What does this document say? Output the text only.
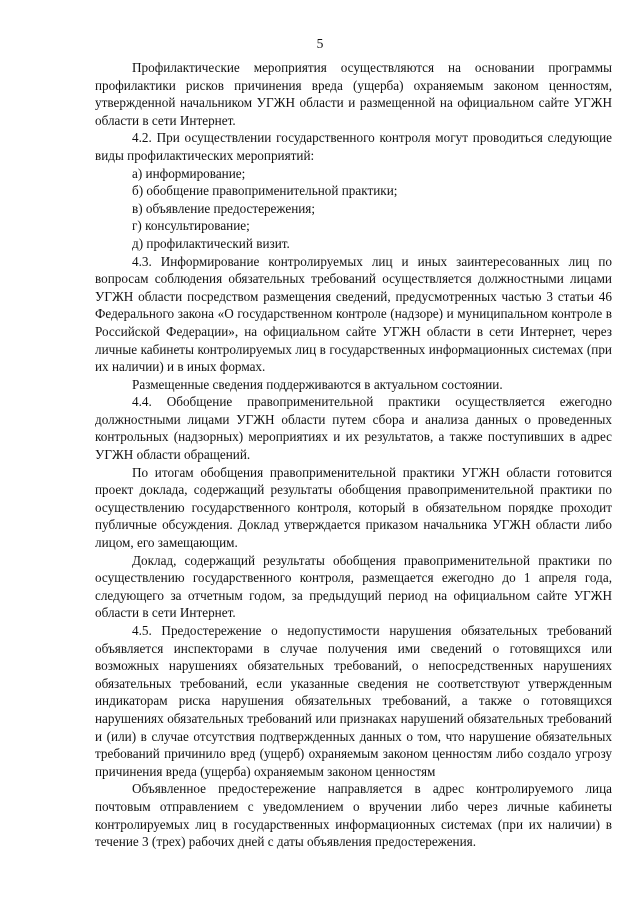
5

Профилактические мероприятия осуществляются на основании программы профилактики рисков причинения вреда (ущерба) охраняемым законом ценностям, утвержденной начальником УГЖН области и размещенной на официальном сайте УГЖН области в сети Интернет.

4.2. При осуществлении государственного контроля могут проводиться следующие виды профилактических мероприятий:

а) информирование;

б) обобщение правоприменительной практики;

в) объявление предостережения;

г) консультирование;

д) профилактический визит.

4.3. Информирование контролируемых лиц и иных заинтересованных лиц по вопросам соблюдения обязательных требований осуществляется должностными лицами УГЖН области посредством размещения сведений, предусмотренных частью 3 статьи 46 Федерального закона «О государственном контроле (надзоре) и муниципальном контроле в Российской Федерации», на официальном сайте УГЖН области в сети Интернет, через личные кабинеты контролируемых лиц в государственных информационных системах (при их наличии) и в иных формах.

Размещенные сведения поддерживаются в актуальном состоянии.

4.4. Обобщение правоприменительной практики осуществляется ежегодно должностными лицами УГЖН области путем сбора и анализа данных о проведенных контрольных (надзорных) мероприятиях и их результатов, а также поступивших в адрес УГЖН области обращений.

По итогам обобщения правоприменительной практики УГЖН области готовится проект доклада, содержащий результаты обобщения правоприменительной практики по осуществлению государственного контроля, который в обязательном порядке проходит публичные обсуждения. Доклад утверждается приказом начальника УГЖН области либо лицом, его замещающим.

Доклад, содержащий результаты обобщения правоприменительной практики по осуществлению государственного контроля, размещается ежегодно до 1 апреля года, следующего за отчетным годом, за предыдущий период на официальном сайте УГЖН области в сети Интернет.

4.5. Предостережение о недопустимости нарушения обязательных требований объявляется инспекторами в случае получения ими сведений о готовящихся или возможных нарушениях обязательных требований, о непосредственных нарушениях обязательных требований, если указанные сведения не соответствуют утвержденным индикаторам риска нарушения обязательных требований, а также о готовящихся нарушениях обязательных требований или признаках нарушений обязательных требований и (или) в случае отсутствия подтвержденных данных о том, что нарушение обязательных требований причинило вред (ущерб) охраняемым законом ценностям либо создало угрозу причинения вреда (ущерба) охраняемым законом ценностям

Объявленное предостережение направляется в адрес контролируемого лица почтовым отправлением с уведомлением о вручении либо через личные кабинеты контролируемых лиц в государственных информационных системах (при их наличии) в течение 3 (трех) рабочих дней с даты объявления предостережения.
